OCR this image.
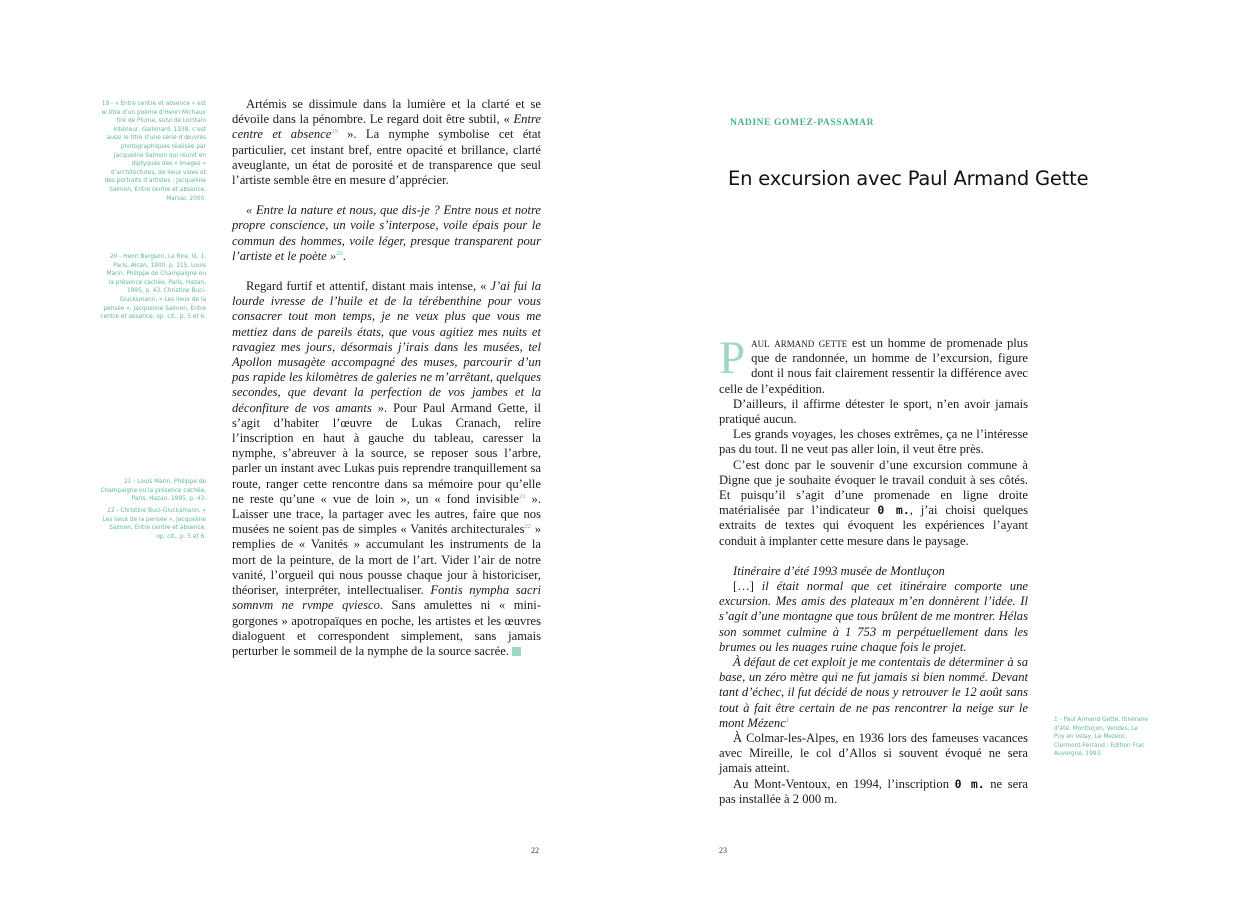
19 - « Entre centre et absence » est le titre d’un poème d’Henri Michaux tiré de Plume, suivi de Lointain intérieur, Gallimard, 1938, c’est aussi le titre d’une série d’œuvres photographiques réalisée par Jacqueline Salmon qui réunit en diptyques des « images » d’architectures, de lieux vides et des portraits d’artistes : Jacqueline Salmon, Entre centre et absence, Marval, 2000.

20 - Henri Bergson, Le Rire, III, 1, Paris, Alcan, 1900, p. 115. Louis Marin, Philippe de Champaigne ou la présence cachée, Paris, Hazan, 1995, p. 43. Christine Buci-Glucksmann, « Les lieux de la pensée », Jacqueline Salmon, Entre centre et absence, op. cit., p. 5 et 6.

21 - Louis Marin, Philippe de Champaigne ou la présence cachée, Paris, Hazan, 1995, p. 43.

22 - Christine Buci-Glucksmann, « Les lieux de la pensée », Jacqueline Salmon, Entre centre et absence, op. cit., p. 5 et 6.

Artémis se dissimule dans la lumière et la clarté et se dévoile dans la pénombre. Le regard doit être subtil, « Entre centre et absence$^{19}$ ». La nymphe symbolise cet état particulier, cet instant bref, entre opacité et brillance, clarté aveuglante, un état de porosité et de transparence que seul l’artiste semble être en mesure d’apprécier.

« Entre la nature et nous, que dis-je ? Entre nous et notre propre conscience, un voile s’interpose, voile épais pour le commun des hommes, voile léger, presque transparent pour l’artiste et le poète »$^{20}$.

Regard furtif et attentif, distant mais intense, « J’ai fui la lourde ivresse de l’huile et de la térébenthine pour vous consacrer tout mon temps, je ne veux plus que vous me mettiez dans de pareils états, que vous agitiez mes nuits et ravagiez mes jours, désormais j’irais dans les musées, tel Apollon musagète accompagné des muses, parcourir d’un pas rapide les kilomètres de galeries ne m’arrêtant, quelques secondes, que devant la perfection de vos jambes et la déconfiture de vos amants ». Pour Paul Armand Gette, il s’agit d’habiter l’œuvre de Lukas Cranach, relire l’inscription en haut à gauche du tableau, caresser la nymphe, s’abreuver à la source, se reposer sous l’arbre, parler un instant avec Lukas puis reprendre tranquillement sa route, ranger cette rencontre dans sa mémoire pour qu’elle ne reste qu’une « vue de loin », un « fond invisible$^{21}$ ». Laisser une trace, la partager avec les autres, faire que nos musées ne soient pas de simples « Vanités architecturales$^{22}$ » remplies de « Vanités » accumulant les instruments de la mort de la peinture, de la mort de l’art. Vider l’air de notre vanité, l’orgueil qui nous pousse chaque jour à historiciser, théoriser, interpréter, intellectualiser. Fontis nympha sacri somnvm ne rvmpe qviesco. Sans amulettes ni « mini-gorgones » apotropaïques en poche, les artistes et les œuvres dialoguent et correspondent simplement, sans jamais perturber le sommeil de la nymphe de la source sacrée.

22
NADINE GOMEZ-PASSAMAR
En excursion avec Paul Armand Gette

Paul armand gette est un homme de promenade plus que de randonnée, un homme de l’excursion, figure dont il nous fait clairement ressentir la différence avec celle de l’expédition.

D’ailleurs, il affirme détester le sport, n’en avoir jamais pratiqué aucun.

Les grands voyages, les choses extrêmes, ça ne l’intéresse pas du tout. Il ne veut pas aller loin, il veut être près.

C’est donc par le souvenir d’une excursion commune à Digne que je souhaite évoquer le travail conduit à ses côtés. Et puisqu’il s’agit d’une promenade en ligne droite matérialisée par l’indicateur 0 m., j’ai choisi quelques extraits de textes qui évoquent les expériences l’ayant conduit à implanter cette mesure dans le paysage.

Itinéraire d’été 1993 musée de Montluçon

[…] il était normal que cet itinéraire comporte une excursion. Mes amis des plateaux m’en donnèrent l’idée. Il s’agit d’une montagne que tous brûlent de me montrer. Hélas son sommet culmine à 1 753 m perpétuellement dans les brumes ou les nuages ruine chaque fois le projet.

À défaut de cet exploit je me contentais de déterminer à sa base, un zéro mètre qui ne fut jamais si bien nommé. Devant tant d’échec, il fut décidé de nous y retrouver le 12 août sans tout à fait être certain de ne pas rencontrer la neige sur le mont Mézenc$^1$

À Colmar-les-Alpes, en 1936 lors des fameuses vacances avec Mireille, le col d’Allos si souvent évoqué ne sera jamais atteint.

Au Mont-Ventoux, en 1994, l’inscription 0 m. ne sera pas installée à 2 000 m.

1 - Paul Armand Gette, Itinéraire d’été. Montluçon, Vendes, Le Puy en Velay, Le Mezenc. Clermont-Ferrand : Edition Frac Auvergne, 1993.

23
